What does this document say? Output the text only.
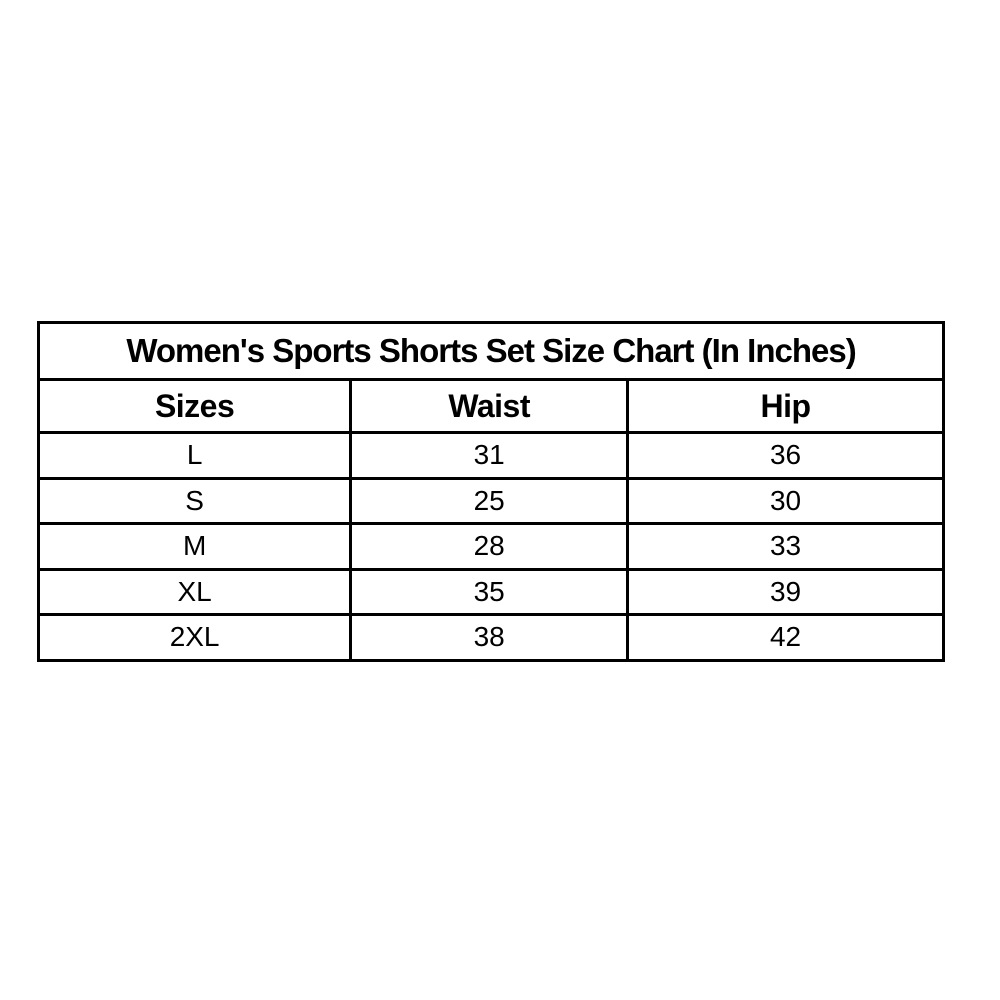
Women's Sports Shorts Set Size Chart (In Inches)		
Sizes	Waist	Hip
L	31	36
S	25	30
M	28	33
XL	35	39
2XL	38	42
